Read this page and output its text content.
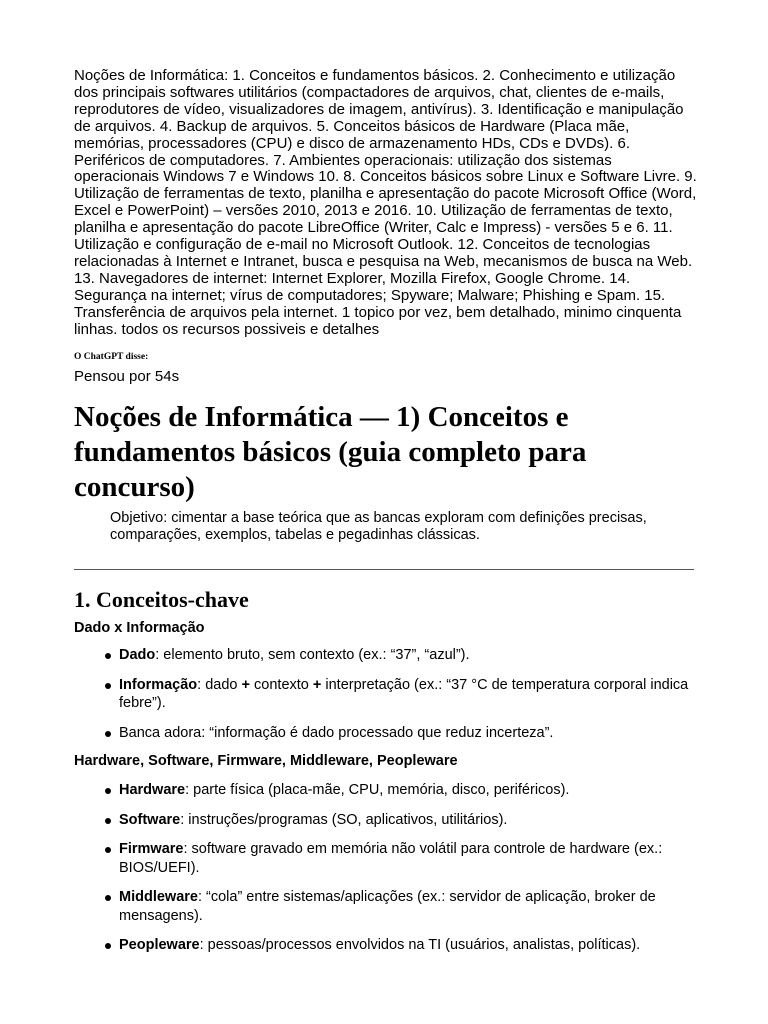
Noções de Informática: 1. Conceitos e fundamentos básicos. 2. Conhecimento e utilização dos principais softwares utilitários (compactadores de arquivos, chat, clientes de e-mails, reprodutores de vídeo, visualizadores de imagem, antivírus). 3. Identificação e manipulação de arquivos. 4. Backup de arquivos. 5. Conceitos básicos de Hardware (Placa mãe, memórias, processadores (CPU) e disco de armazenamento HDs, CDs e DVDs). 6. Periféricos de computadores. 7. Ambientes operacionais: utilização dos sistemas operacionais Windows 7 e Windows 10. 8. Conceitos básicos sobre Linux e Software Livre. 9. Utilização de ferramentas de texto, planilha e apresentação do pacote Microsoft Office (Word, Excel e PowerPoint) – versões 2010, 2013 e 2016. 10. Utilização de ferramentas de texto, planilha e apresentação do pacote LibreOffice (Writer, Calc e Impress) - versões 5 e 6. 11. Utilização e configuração de e-mail no Microsoft Outlook. 12. Conceitos de tecnologias relacionadas à Internet e Intranet, busca e pesquisa na Web, mecanismos de busca na Web. 13. Navegadores de internet: Internet Explorer, Mozilla Firefox, Google Chrome. 14. Segurança na internet; vírus de computadores; Spyware; Malware; Phishing e Spam. 15. Transferência de arquivos pela internet. 1 topico por vez, bem detalhado, minimo cinquenta linhas. todos os recursos possiveis e detalhes

O ChatGPT disse:

Pensou por 54s

Noções de Informática — 1) Conceitos e fundamentos básicos (guia completo para concurso)

Objetivo: cimentar a base teórica que as bancas exploram com definições precisas, comparações, exemplos, tabelas e pegadinhas clássicas.

1. Conceitos-chave
Dado x Informação
Dado: elemento bruto, sem contexto (ex.: “37”, “azul”).
Informação: dado + contexto + interpretação (ex.: “37 °C de temperatura corporal indica febre”).
Banca adora: “informação é dado processado que reduz incerteza”.
Hardware, Software, Firmware, Middleware, Peopleware
Hardware: parte física (placa-mãe, CPU, memória, disco, periféricos).
Software: instruções/programas (SO, aplicativos, utilitários).
Firmware: software gravado em memória não volátil para controle de hardware (ex.: BIOS/UEFI).
Middleware: “cola” entre sistemas/aplicações (ex.: servidor de aplicação, broker de mensagens).
Peopleware: pessoas/processos envolvidos na TI (usuários, analistas, políticas).
